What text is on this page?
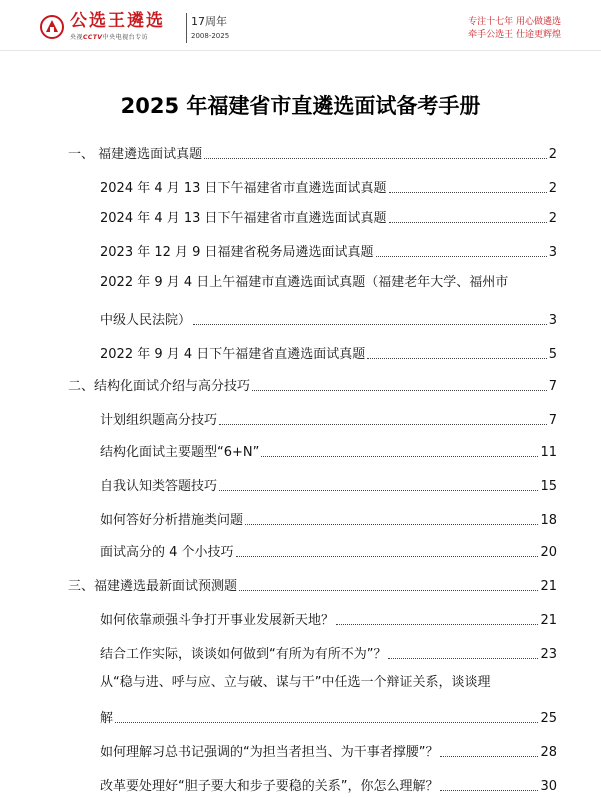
公选王遴选
央视CCTV中央电视台专访
17周年
2008-2025
专注十七年 用心做遴选
牵手公选王 仕途更辉煌
2025 年福建省市直遴选面试备考手册
一、 福建遴选面试真题	2
2024 年 4 月 13 日下午福建省市直遴选面试真题	2
2024 年 4 月 13 日下午福建省市直遴选面试真题	2
2023 年 12 月 9 日福建省税务局遴选面试真题	3
2022 年 9 月 4 日上午福建市直遴选面试真题（福建老年大学、福州市
中级人民法院）	3
2022 年 9 月 4 日下午福建省直遴选面试真题	5
二、结构化面试介绍与高分技巧	7
计划组织题高分技巧	7
结构化面试主要题型“6+N”	11
自我认知类答题技巧	15
如何答好分析措施类问题	18
面试高分的 4 个小技巧	20
三、福建遴选最新面试预测题	21
如何依靠顽强斗争打开事业发展新天地？	21
结合工作实际，谈谈如何做到“有所为有所不为”？	23
从“稳与进、呼与应、立与破、谋与干”中任选一个辩证关系，谈谈理
解	25
如何理解习总书记强调的“为担当者担当、为干事者撑腰”？	28
改革要处理好“胆子要大和步子要稳的关系”，你怎么理解？	30
